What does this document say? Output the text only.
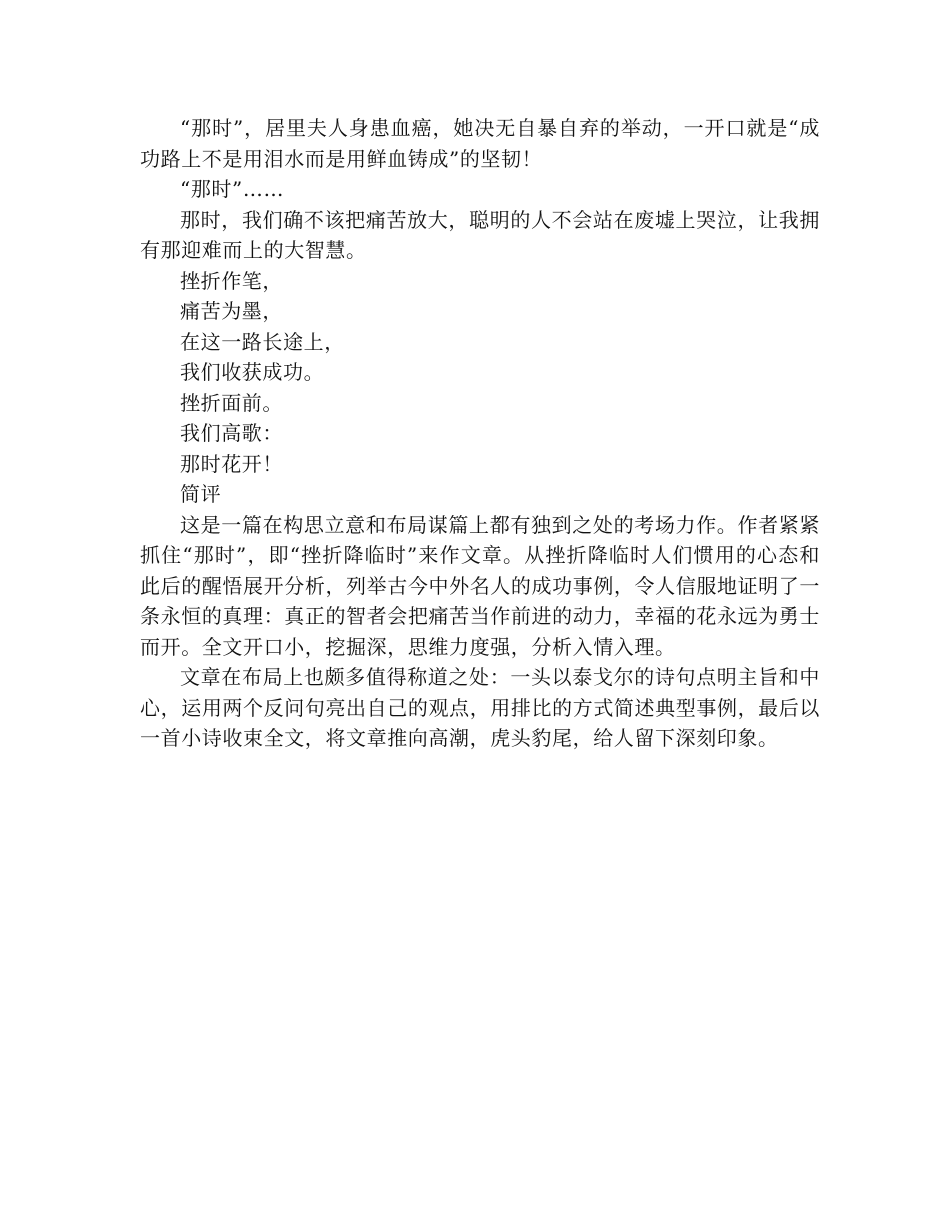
“那时”，居里夫人身患血癌，她决无自暴自弃的举动，一开口就是“成功路上不是用泪水而是用鲜血铸成”的坚韧！

“那时”……

那时，我们确不该把痛苦放大，聪明的人不会站在废墟上哭泣，让我拥有那迎难而上的大智慧。

挫折作笔，

痛苦为墨，

在这一路长途上，

我们收获成功。

挫折面前。

我们高歌：

那时花开！

简评

这是一篇在构思立意和布局谋篇上都有独到之处的考场力作。作者紧紧抓住“那时”，即“挫折降临时”来作文章。从挫折降临时人们惯用的心态和此后的醒悟展开分析，列举古今中外名人的成功事例，令人信服地证明了一条永恒的真理：真正的智者会把痛苦当作前进的动力，幸福的花永远为勇士而开。全文开口小，挖掘深，思维力度强，分析入情入理。

文章在布局上也颇多值得称道之处：一头以泰戈尔的诗句点明主旨和中心，运用两个反问句亮出自己的观点，用排比的方式简述典型事例，最后以一首小诗收束全文，将文章推向高潮，虎头豹尾，给人留下深刻印象。
